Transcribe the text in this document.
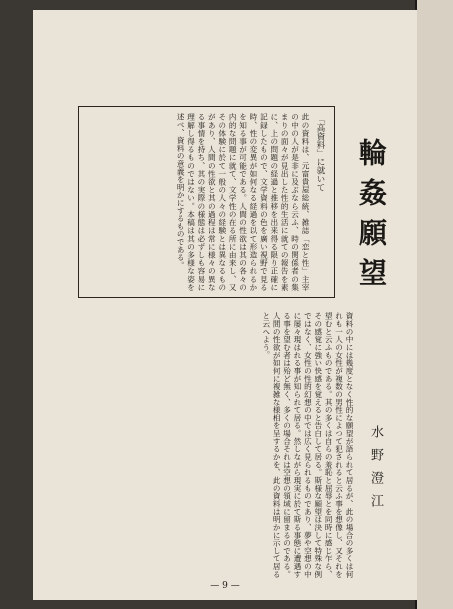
輪姦願望
「高資料」に就いて

此の資料は、元富貴屋総統、雑誌「恋と性」主宰の中の人が是非に及ぶなら云ふ、時の関係者の集まりの面々が見出した性的生活に就ての報告を素に、上の問題の経過と推移を出来得る限り正確に記録したもので、文学資料の色を廣い視野で見る時、性の変異が如何なる経過を以て形造られるかを知る事が可能である。人間の性欲は其の各々の内的な問題に就て、文学性の在る所に由来し、又その体験に於て一般の人々の経験とは異なるものがあり、人間の性欲と其の過程は常に様々の異なる事情を持ち、其の実際の様態は必ずしも容易に理解し得るものではない。本稿は其の多様な姿を述べ、資料の意義を明かにするものである。

水野澄江

資料の中には幾度となく性的な願望が語られて居るが、此の場合の多くは何れも一人の女性が複数の男性によつて犯されると云ふ事を想像し、又それを望むと云ふものである。其の多くは自らの羞恥と屈辱とを同時に感じ乍ら、その感覚に強い快感を覚えると告白して居る。斯様な願望は決して特殊な例ではなく、女性の性的幻想の中では広く見られるものであり、夢や空想の中に屡々現はれる事が知られて居る。然しながら現実に於て斯る事態に遭遇する事を望む者は殆ど無く、多くの場合それは空想の領域に留まるのである。人間の性欲が如何に複雑な様相を呈するかを、此の資料は明かに示して居ると云へよう。

— 9 —
